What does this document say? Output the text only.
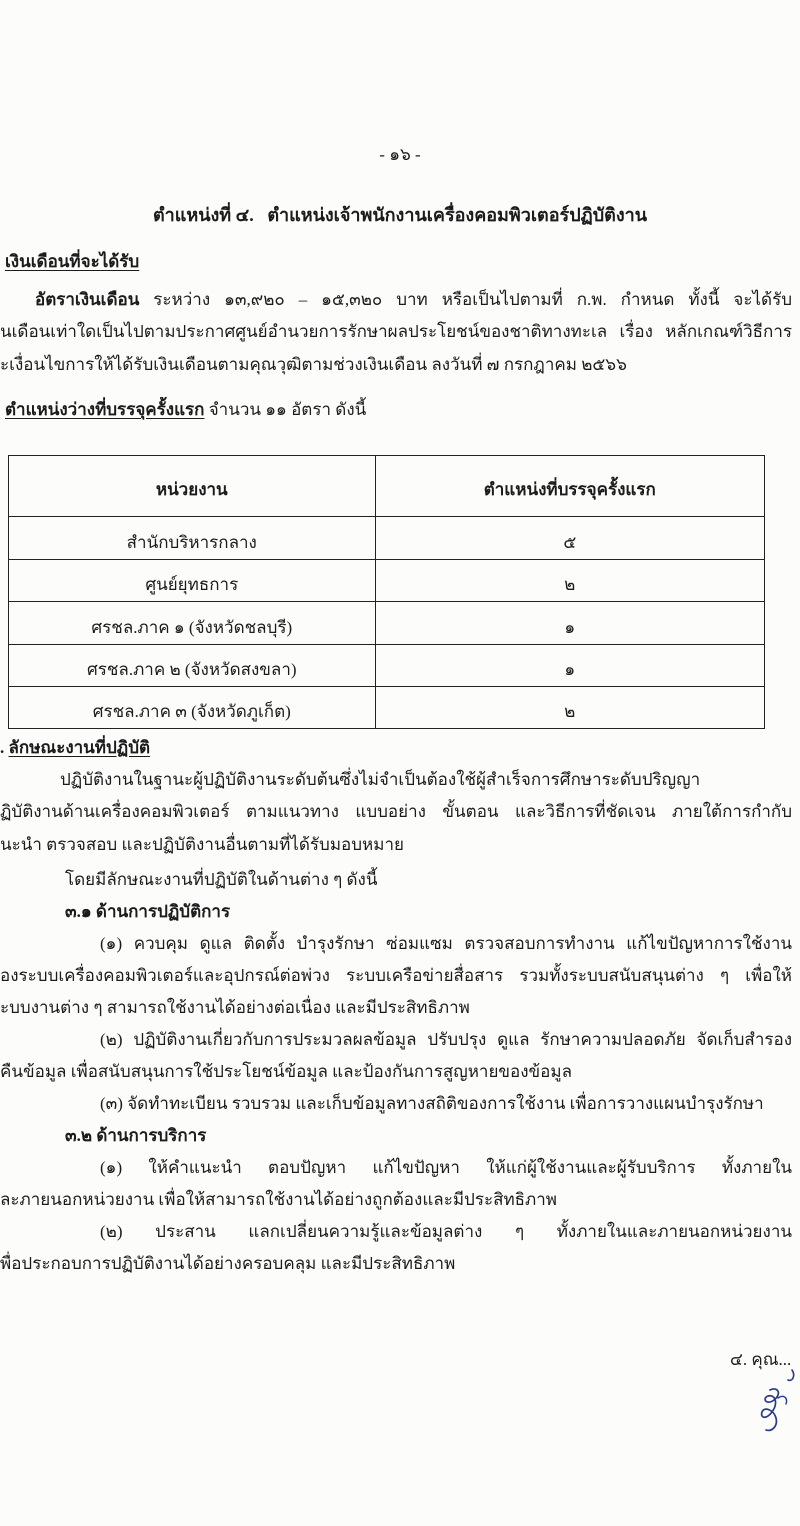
- ๑๖ -
ตำแหน่งที่ ๔. ตำแหน่งเจ้าพนักงานเครื่องคอมพิวเตอร์ปฏิบัติงาน
เงินเดือนที่จะได้รับ
อัตราเงินเดือน ระหว่าง ๑๓,๙๒๐ – ๑๕,๓๒๐ บาท หรือเป็นไปตามที่ ก.พ. กำหนด ทั้งนี้ จะได้รับ
นเดือนเท่าใดเป็นไปตามประกาศศูนย์อำนวยการรักษาผลประโยชน์ของชาติทางทะเล เรื่อง หลักเกณฑ์วิธีการ
ะเงื่อนไขการให้ได้รับเงินเดือนตามคุณวุฒิตามช่วงเงินเดือน ลงวันที่ ๗ กรกฎาคม ๒๕๖๖
ตำแหน่งว่างที่บรรจุครั้งแรก จำนวน ๑๑ อัตรา ดังนี้
หน่วยงาน	ตำแหน่งที่บรรจุครั้งแรก
สำนักบริหารกลาง	๕
ศูนย์ยุทธการ	๒
ศรชล.ภาค ๑ (จังหวัดชลบุรี)	๑
ศรชล.ภาค ๒ (จังหวัดสงขลา)	๑
ศรชล.ภาค ๓ (จังหวัดภูเก็ต)	๒
. ลักษณะงานที่ปฏิบัติ
ปฏิบัติงานในฐานะผู้ปฏิบัติงานระดับต้นซึ่งไม่จำเป็นต้องใช้ผู้สำเร็จการศึกษาระดับปริญญา
ฏิบัติงานด้านเครื่องคอมพิวเตอร์ ตามแนวทาง แบบอย่าง ขั้นตอน และวิธีการที่ชัดเจน ภายใต้การกำกับ
นะนำ ตรวจสอบ และปฏิบัติงานอื่นตามที่ได้รับมอบหมาย
โดยมีลักษณะงานที่ปฏิบัติในด้านต่าง ๆ ดังนี้
๓.๑ ด้านการปฏิบัติการ
(๑) ควบคุม ดูแล ติดตั้ง บำรุงรักษา ซ่อมแซม ตรวจสอบการทำงาน แก้ไขปัญหาการใช้งาน
องระบบเครื่องคอมพิวเตอร์และอุปกรณ์ต่อพ่วง ระบบเครือข่ายสื่อสาร รวมทั้งระบบสนับสนุนต่าง ๆ เพื่อให้
ะบบงานต่าง ๆ สามารถใช้งานได้อย่างต่อเนื่อง และมีประสิทธิภาพ
(๒) ปฏิบัติงานเกี่ยวกับการประมวลผลข้อมูล ปรับปรุง ดูแล รักษาความปลอดภัย จัดเก็บสำรอง
คืนข้อมูล เพื่อสนับสนุนการใช้ประโยชน์ข้อมูล และป้องกันการสูญหายของข้อมูล
(๓) จัดทำทะเบียน รวบรวม และเก็บข้อมูลทางสถิติของการใช้งาน เพื่อการวางแผนบำรุงรักษา
๓.๒ ด้านการบริการ
(๑) ให้คำแนะนำ ตอบปัญหา แก้ไขปัญหา ให้แก่ผู้ใช้งานและผู้รับบริการ ทั้งภายใน
ละภายนอกหน่วยงาน เพื่อให้สามารถใช้งานได้อย่างถูกต้องและมีประสิทธิภาพ
(๒) ประสาน แลกเปลี่ยนความรู้และข้อมูลต่าง ๆ ทั้งภายในและภายนอกหน่วยงาน
พื่อประกอบการปฏิบัติงานได้อย่างครอบคลุม และมีประสิทธิภาพ
๔. คุณ...
